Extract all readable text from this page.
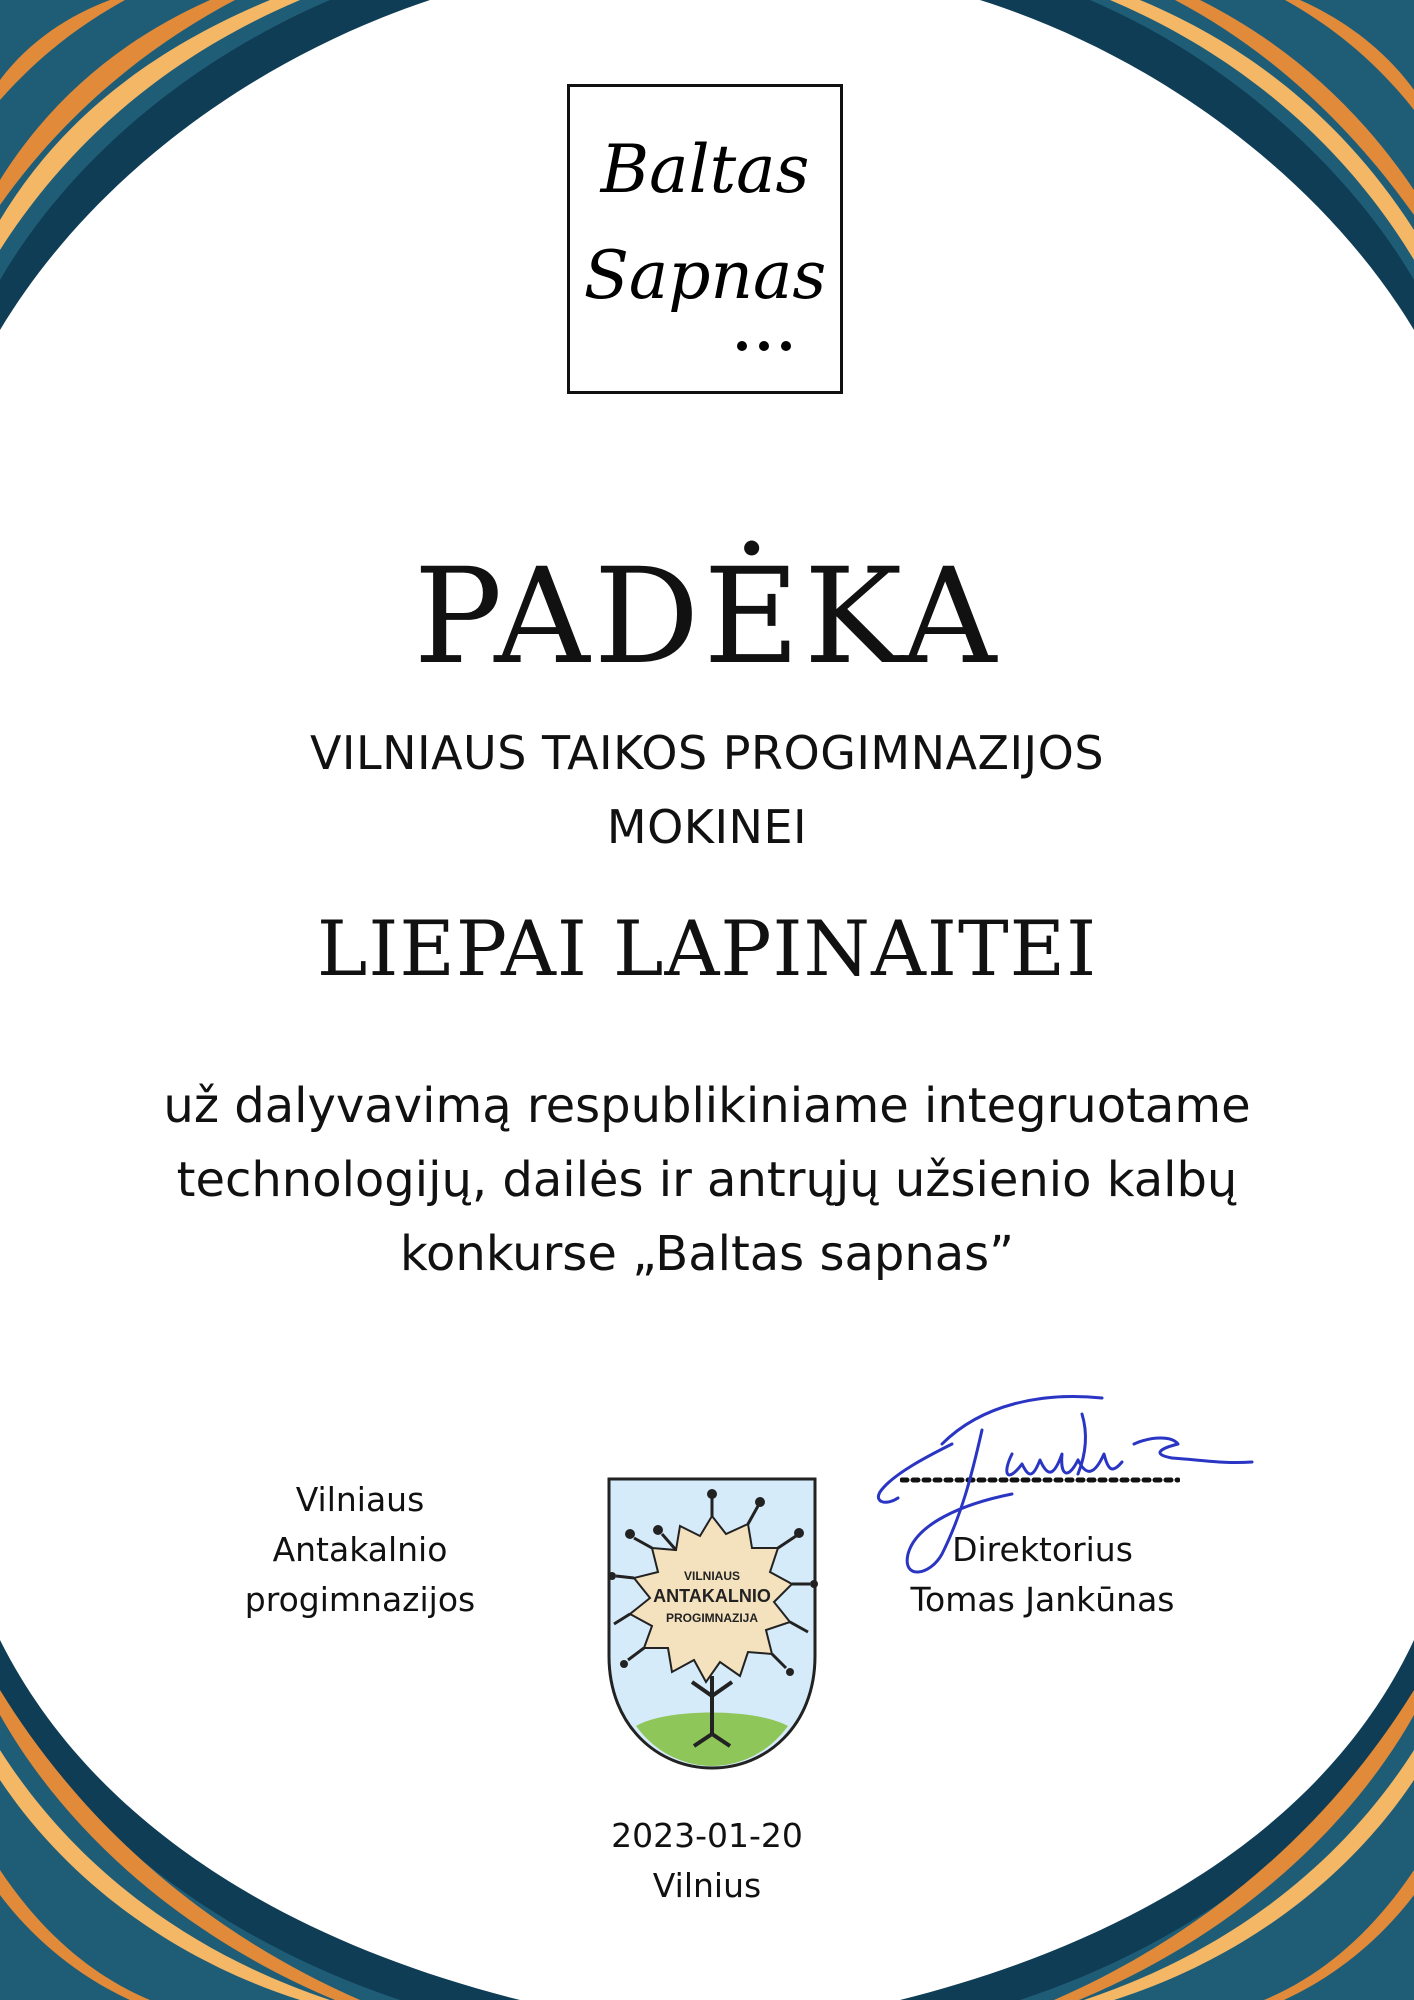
Baltas
Sapnas
PADĖKA
VILNIAUS TAIKOS PROGIMNAZIJOS
MOKINEI
LIEPAI LAPINAITEI
už dalyvavimą respublikiniame integruotame
technologijų, dailės ir antrųjų užsienio kalbų
konkurse „Baltas sapnas”
Vilniaus
Antakalnio
progimnazijos
VILNIAUS
ANTAKALNIO
PROGIMNAZIJA
Direktorius
Tomas Jankūnas
2023-01-20
Vilnius
